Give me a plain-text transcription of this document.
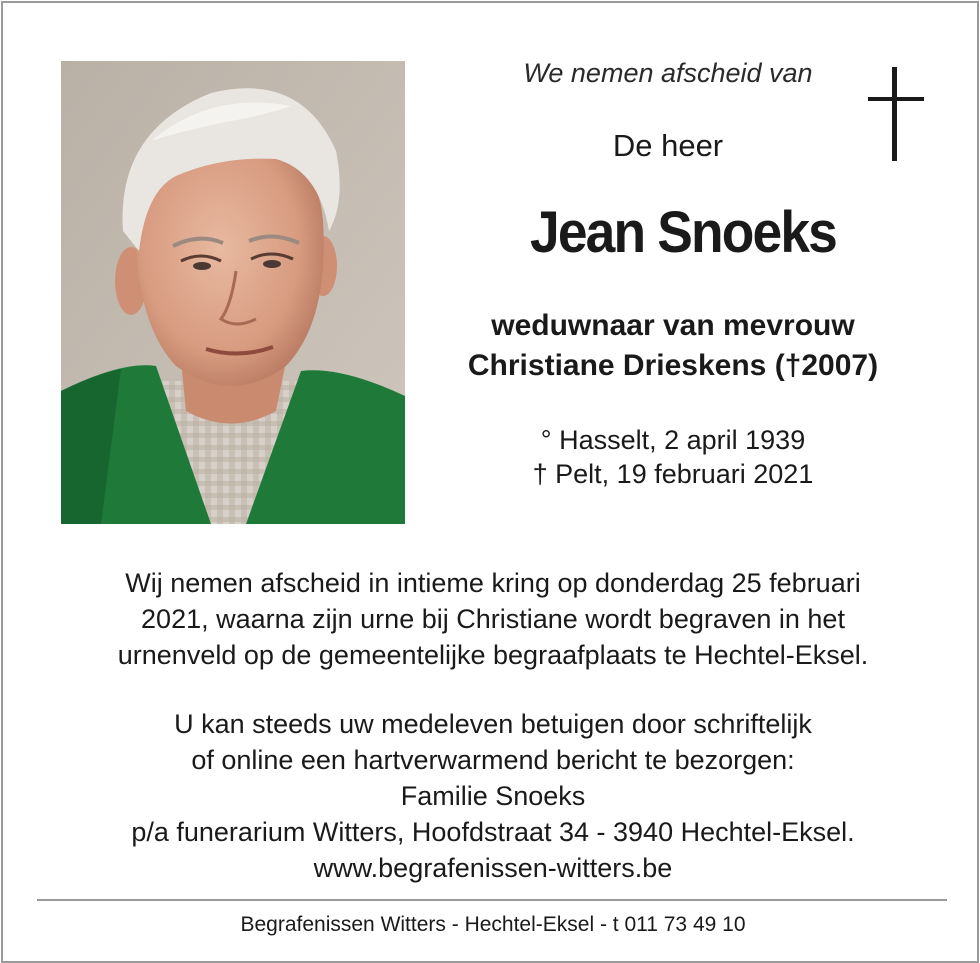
We nemen afscheid van
De heer
Jean Snoeks
weduwnaar van mevrouw
Christiane Drieskens (†2007)
° Hasselt, 2 april 1939
† Pelt, 19 februari 2021
Wij nemen afscheid in intieme kring op donderdag 25 februari
2021, waarna zijn urne bij Christiane wordt begraven in het
urnenveld op de gemeentelijke begraafplaats te Hechtel-Eksel.
U kan steeds uw medeleven betuigen door schriftelijk
of online een hartverwarmend bericht te bezorgen:
Familie Snoeks
p/a funerarium Witters, Hoofdstraat 34 - 3940 Hechtel-Eksel.
www.begrafenissen-witters.be
Begrafenissen Witters - Hechtel-Eksel - t 011 73 49 10
